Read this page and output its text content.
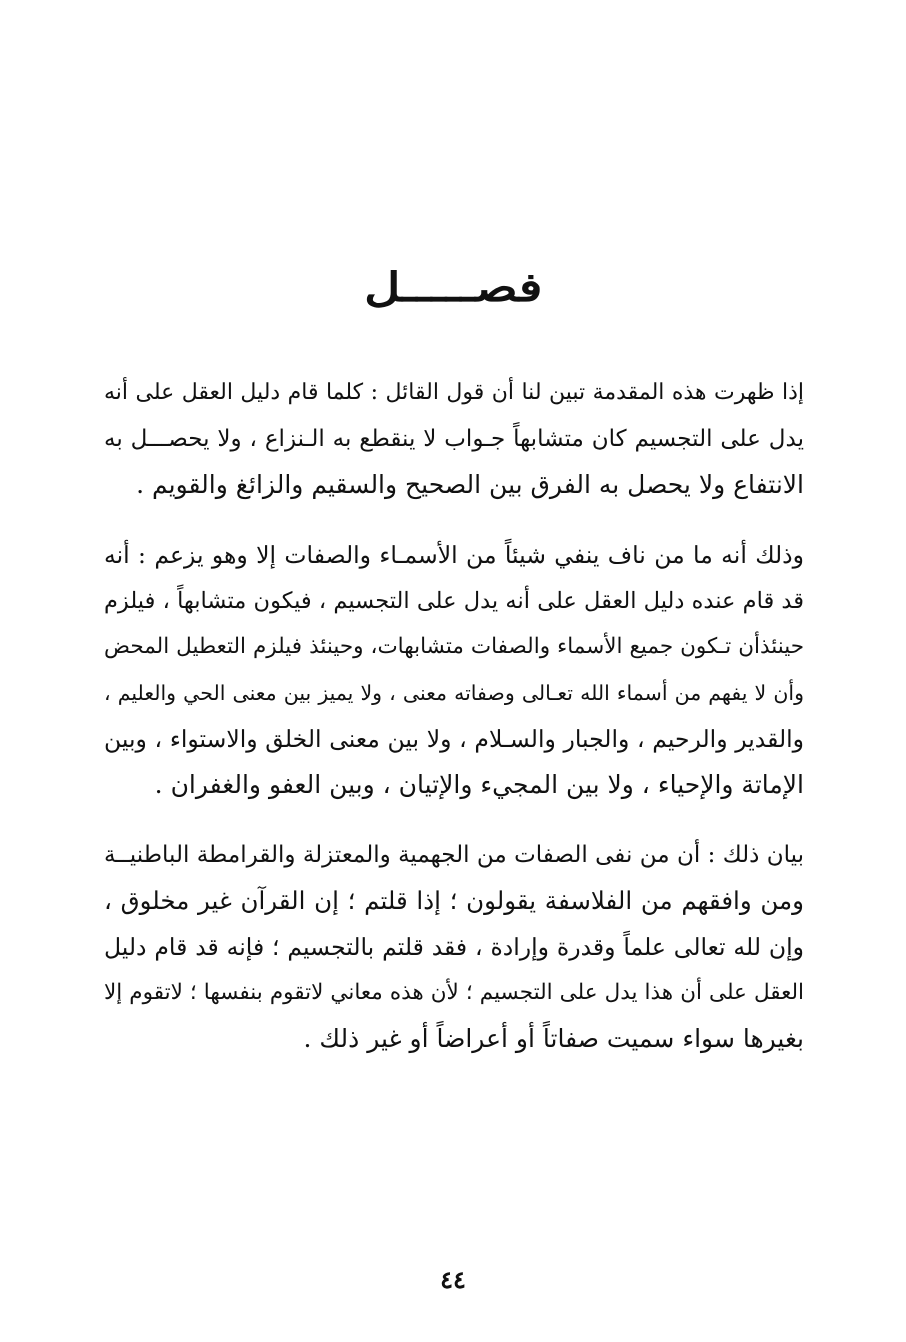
فصـــــل
إذا ظهرت هذه المقدمة تبين لنا أن قول القائل : كلما قام دليل العقل على أنه
يدل على التجسيم كان متشابهاً جـواب لا ينقطع به الـنزاع ، ولا يحصـــل به
الانتفاع ولا يحصل به الفرق بين الصحيح والسقيم والزائغ والقويم .
وذلك أنه ما من ناف ينفي شيئاً من الأسمـاء والصفات إلا وهو يزعم : أنه
قد قام عنده دليل العقل على أنه يدل على التجسيم ، فيكون متشابهاً ، فيلزم
حينئذأن تـكون جميع الأسماء والصفات متشابهات، وحينئذ فيلزم التعطيل المحض
وأن لا يفهم من أسماء الله تعـالى وصفاته معنى ، ولا يميز بين معنى الحي والعليم ،
والقدير والرحيم ، والجبار والسـلام ، ولا بين معنى الخلق والاستواء ، وبين
الإماتة والإحياء ، ولا بين المجيء والإتيان ، وبين العفو والغفران .
بيان ذلك : أن من نفى الصفات من الجهمية والمعتزلة والقرامطة الباطنيــة
ومن وافقهم من الفلاسفة يقولون ؛ إذا قلتم ؛ إن القرآن غير مخلوق ،
وإن لله تعالى علماً وقدرة وإرادة ، فقد قلتم بالتجسيم ؛ فإنه قد قام دليل
العقل على أن هذا يدل على التجسيم ؛ لأن هذه معاني لاتقوم بنفسها ؛ لاتقوم إلا
بغيرها سواء سميت صفاتاً أو أعراضاً أو غير ذلك .
٤٤
